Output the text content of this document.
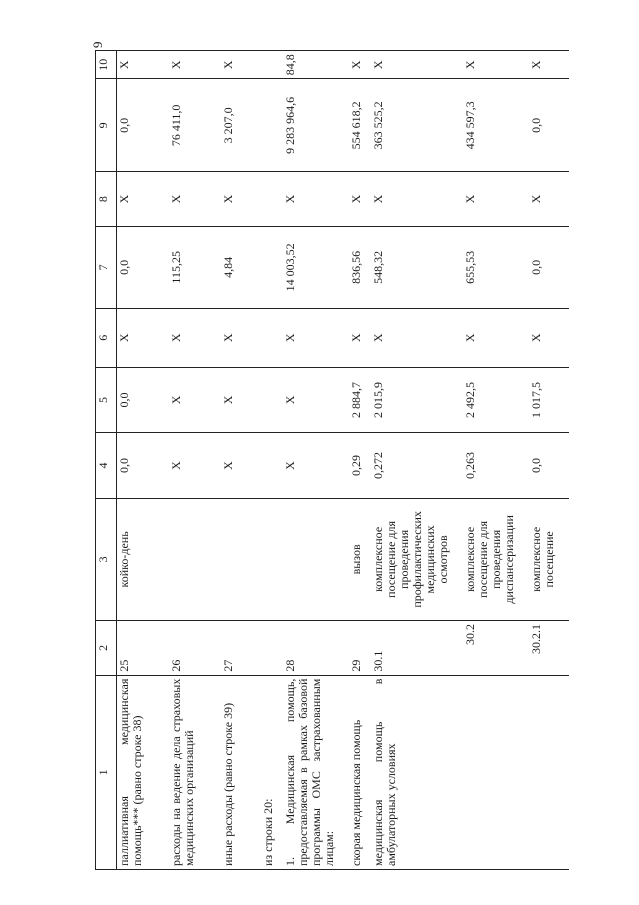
9
1	2	3	4	5	6	7	8	9	10
паллиативная медицинская помощь*** (равно строке 38)	25	койко-день	0,0	0,0	X	0,0	X	0,0	X
расходы на ведение дела страховых медицинских организаций	26		X	X	X	115,25	X	76 411,0	X
иные расходы (равно строке 39)	27		X	X	X	4,84	X	3 207,0	X
из строки 20:									
1. Медицинская помощь, предоставляемая в рамках базовой программы ОМС застрахованным лицам:	28		X	X	X	14 003,52	X	9 283 964,6	84,8
скорая медицинская помощь	29	вызов	0,29	2 884,7	X	836,56	X	554 618,2	X
медицинская помощь в амбулаторных условиях	30.1	комплексное посещение для проведения профилактических медицинских осмотров	0,272	2 015,9	X	548,32	X	363 525,2	X
	30.2	комплексное посещение для проведения диспансеризации	0,263	2 492,5	X	655,53	X	434 597,3	X
	30.2.1	комплексное посещение	0,0	1 017,5	X	0,0	X	0,0	X
